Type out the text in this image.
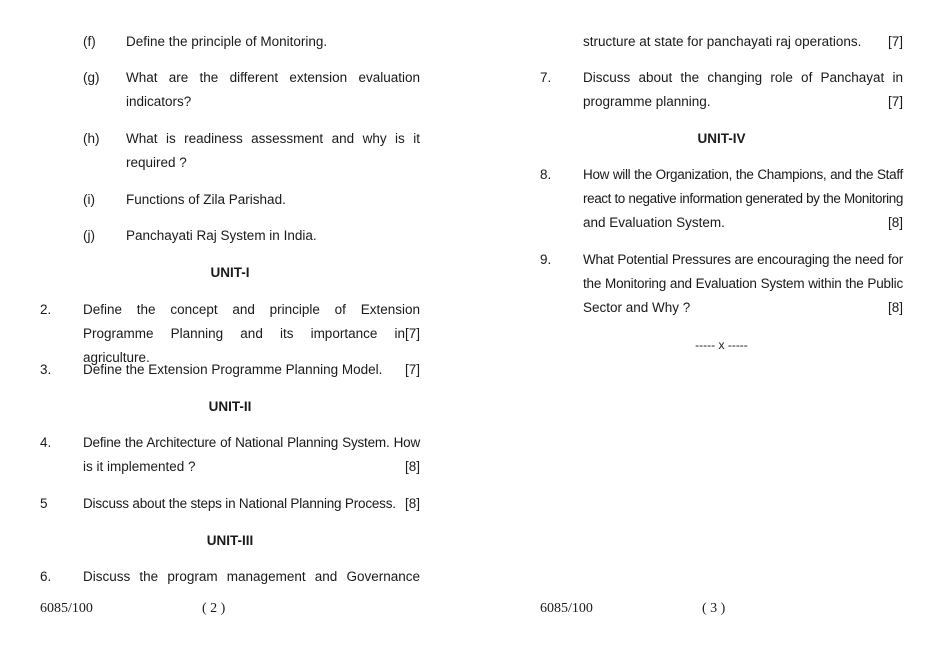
(f) Define the principle of Monitoring.
(g) What are the different extension evaluation
indicators?
(h) What is readiness assessment and why is it
required ?
(i) Functions of Zila Parishad.
(j) Panchayati Raj System in India.
UNIT-I
2. Define the concept and principle of Extension
Programme Planning and its importance in agriculture.
[7]
3. Define the Extension Programme Planning Model.	[7]
UNIT-II
4. Define the Architecture of National Planning System. How
is it implemented ?	[8]
5	Discuss about the steps in National Planning Process. [8]
UNIT-III
6. Discuss the program management and Governance
6085/100	( 2 )
structure at state for panchayati raj operations.	[7]
7. Discuss about the changing role of Panchayat in
programme planning.	[7]
UNIT-IV
8. How will the Organization, the Champions, and the Staff
react to negative information generated by the Monitoring
and Evaluation System.	[8]
9. What Potential Pressures are encouraging the need for
the Monitoring and Evaluation System within the Public
Sector and Why ?	[8]
----- x -----
6085/100	( 3 )
